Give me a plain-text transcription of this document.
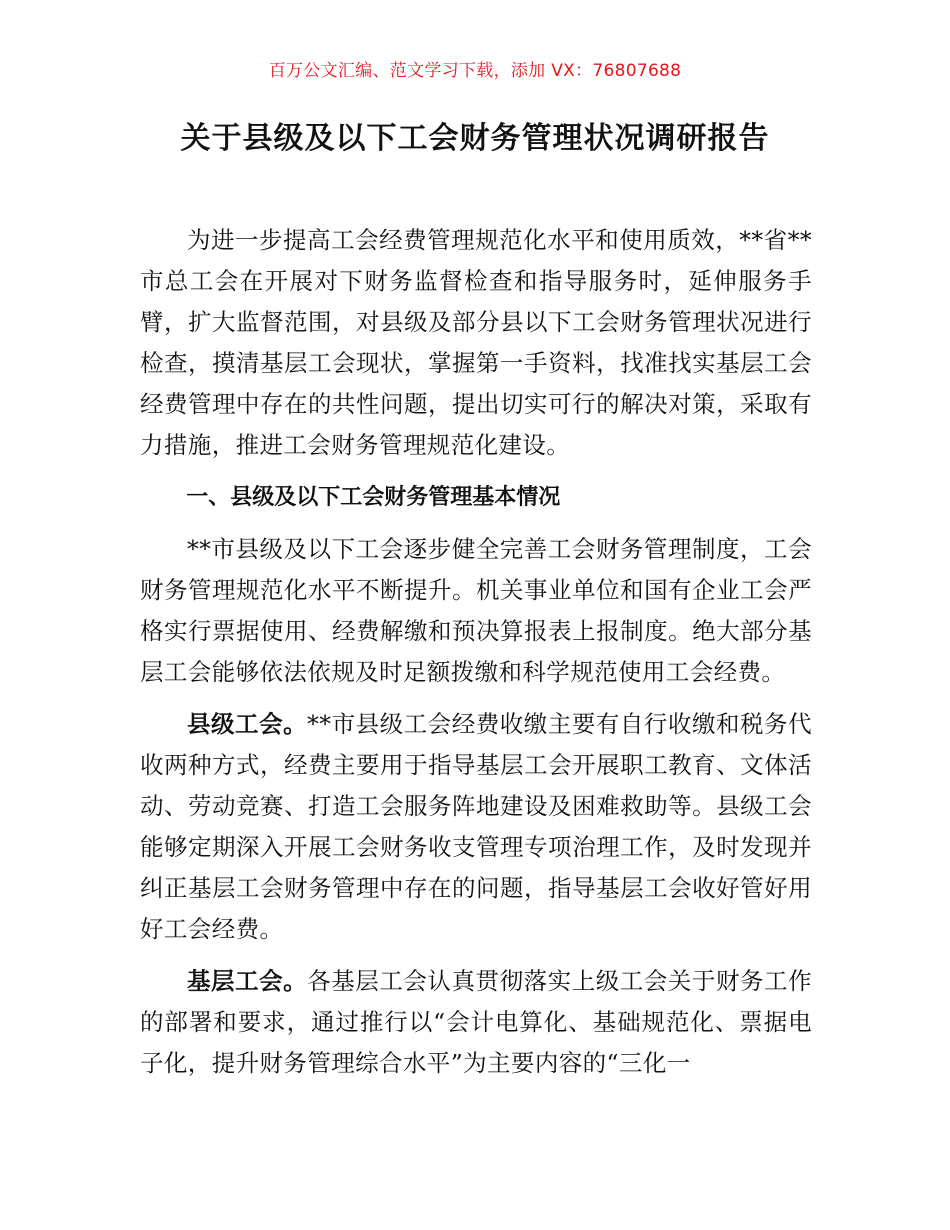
百万公文汇编、范文学习下载，添加 VX：76807688
关于县级及以下工会财务管理状况调研报告

为进一步提高工会经费管理规范化水平和使用质效，**省**市总工会在开展对下财务监督检查和指导服务时，延伸服务手臂，扩大监督范围，对县级及部分县以下工会财务管理状况进行检查，摸清基层工会现状，掌握第一手资料，找准找实基层工会经费管理中存在的共性问题，提出切实可行的解决对策，采取有力措施，推进工会财务管理规范化建设。

一、县级及以下工会财务管理基本情况

**市县级及以下工会逐步健全完善工会财务管理制度，工会财务管理规范化水平不断提升。机关事业单位和国有企业工会严格实行票据使用、经费解缴和预决算报表上报制度。绝大部分基层工会能够依法依规及时足额拨缴和科学规范使用工会经费。

县级工会。**市县级工会经费收缴主要有自行收缴和税务代收两种方式，经费主要用于指导基层工会开展职工教育、文体活动、劳动竞赛、打造工会服务阵地建设及困难救助等。县级工会能够定期深入开展工会财务收支管理专项治理工作，及时发现并纠正基层工会财务管理中存在的问题，指导基层工会收好管好用好工会经费。

基层工会。各基层工会认真贯彻落实上级工会关于财务工作的部署和要求，通过推行以“会计电算化、基础规范化、票据电子化，提升财务管理综合水平”为主要内容的“三化一
